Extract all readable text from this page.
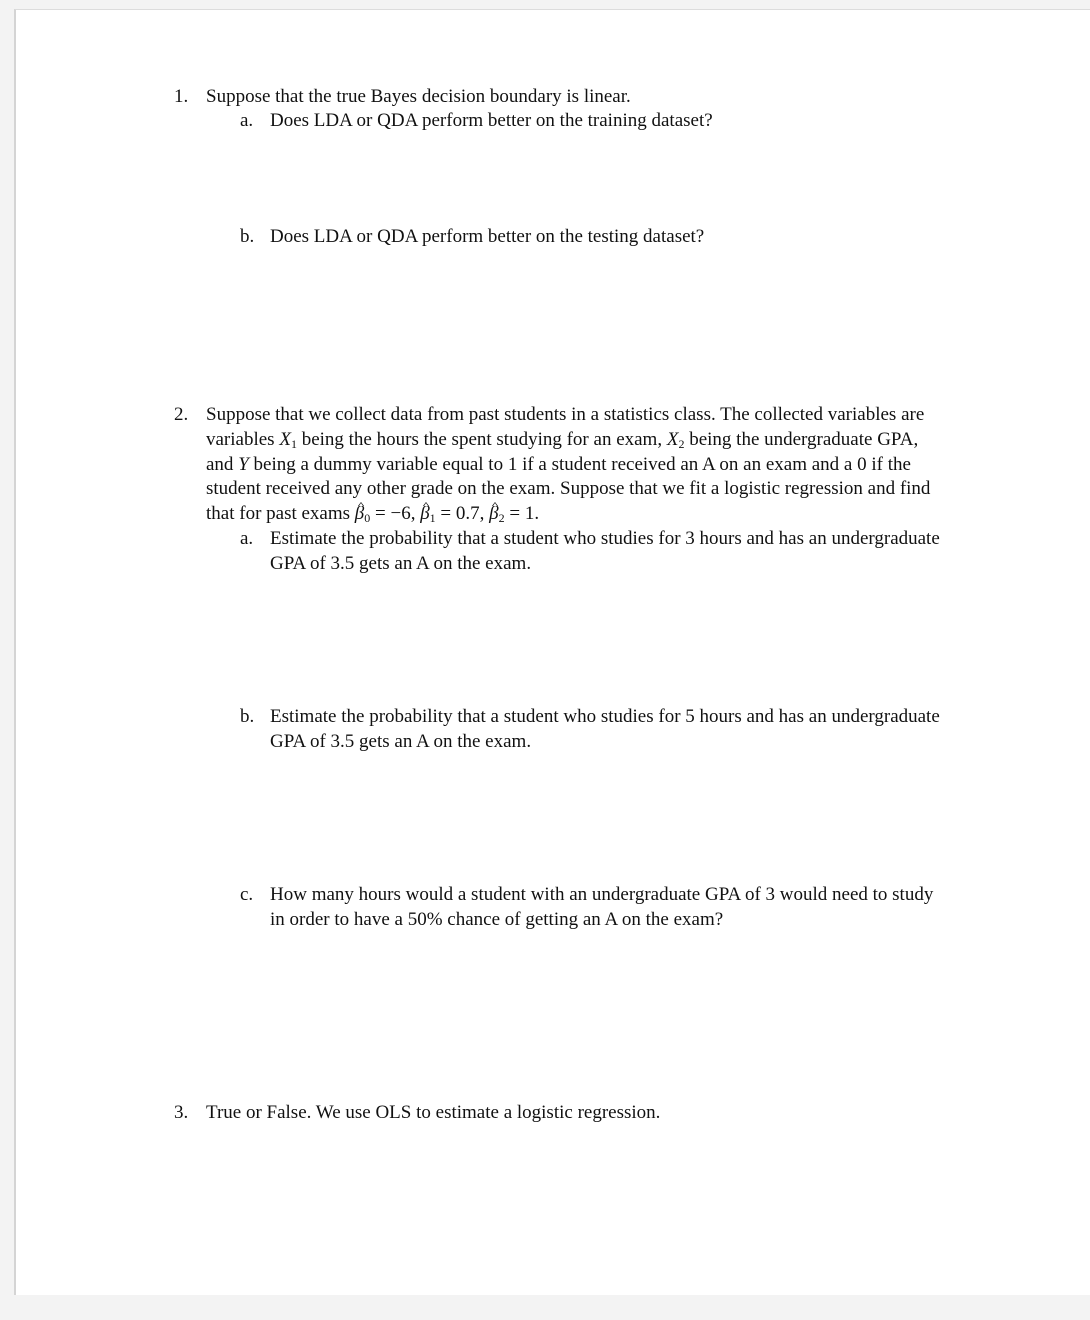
1. Suppose that the true Bayes decision boundary is linear.
a. Does LDA or QDA perform better on the training dataset?
b. Does LDA or QDA perform better on the testing dataset?
2. Suppose that we collect data from past students in a statistics class. The collected variables are
variables X1 being the hours the spent studying for an exam, X2 being the undergraduate GPA,
and Y being a dummy variable equal to 1 if a student received an A on an exam and a 0 if the
student received any other grade on the exam. Suppose that we fit a logistic regression and find
that for past exams β0 = −6, β1 = 0.7, β2 = 1.
a. Estimate the probability that a student who studies for 3 hours and has an undergraduate
GPA of 3.5 gets an A on the exam.
b. Estimate the probability that a student who studies for 5 hours and has an undergraduate
GPA of 3.5 gets an A on the exam.
c. How many hours would a student with an undergraduate GPA of 3 would need to study
in order to have a 50% chance of getting an A on the exam?
3. True or False. We use OLS to estimate a logistic regression.
